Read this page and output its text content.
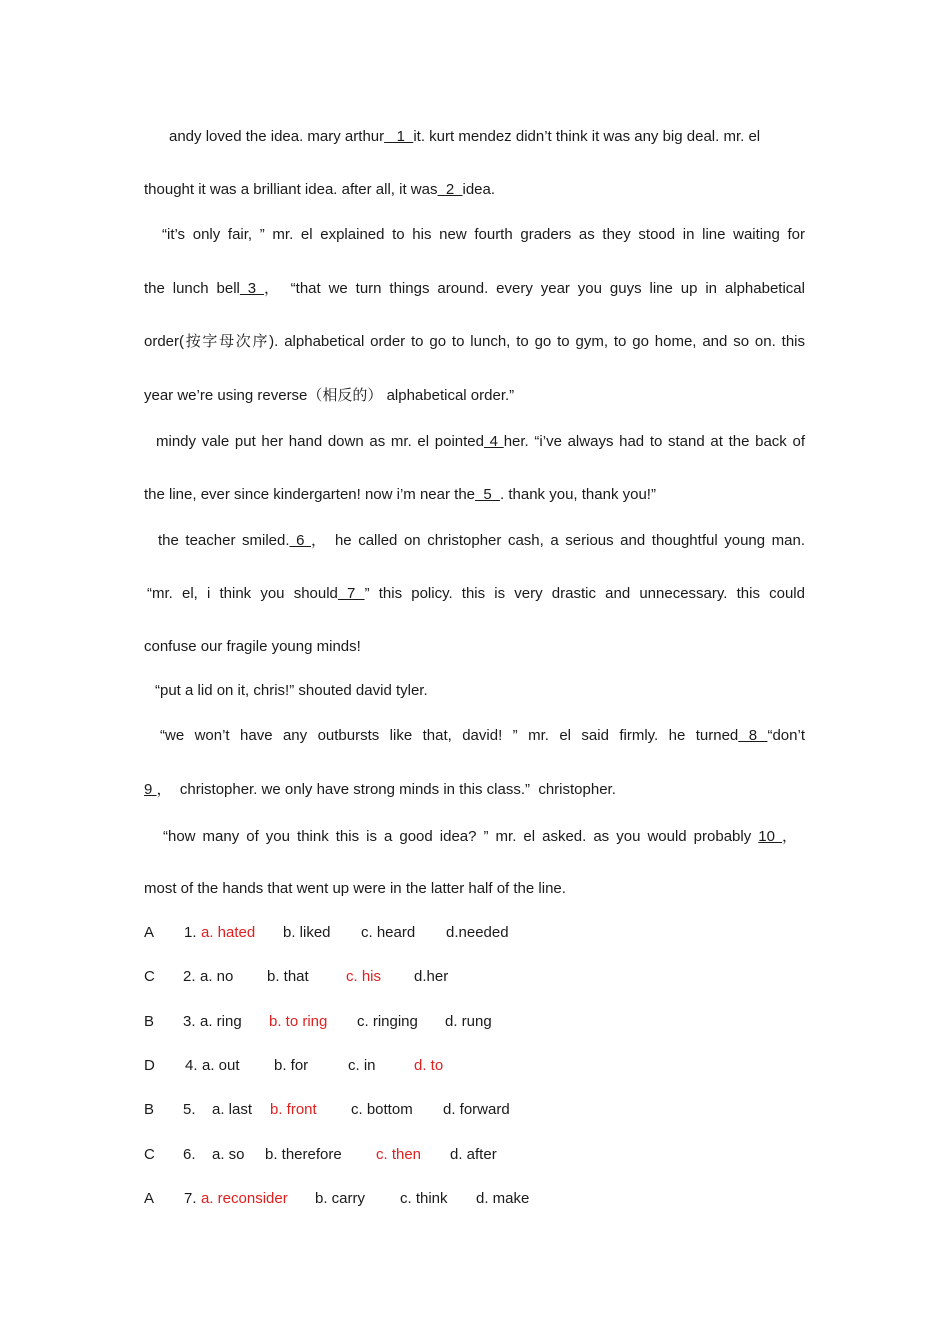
andy loved the idea. mary arthur   1  it. kurt mendez didn’t think it was any big deal. mr. el
thought it was a brilliant idea. after all, it was  2  idea.
“it’s only fair, ” mr. el explained to his new fourth graders as they stood in line waiting for
the lunch bell 3 ， “that we turn things around. every year you guys line up in alphabetical
order(按字母次序). alphabetical order to go to lunch, to go to gym, to go home, and so on. this
year we’re using reverse（相反的） alphabetical order.”
mindy vale put her hand down as mr. el pointed 4 her. “i’ve always had to stand at the back of
the line, ever since kindergarten! now i’m near the  5  . thank you, thank you!”
the teacher smiled. 6 ， he called on christopher cash, a serious and thoughtful young man.
“mr. el, i think you should 7 ” this policy. this is very drastic and unnecessary. this could
confuse our fragile young minds!
“put a lid on it, chris!” shouted david tyler.
“we won’t have any outbursts like that, david! ” mr. el said firmly. he turned 8 “don’t
9 ，  christopher. we only have strong minds in this class.”  christopher.
“how many of you think this is a good idea? ” mr. el asked. as you would probably 10 ，
most of the hands that went up were in the latter half of the line.
A 1. a. hated b. liked c. heard d.needed
C 2. a. no b. that c. his d.her
B 3. a. ring b. to ring c. ringing d. rung
D 4. a. out b. for	c. in	d. to
B 5. a. last b. front c. bottom d. forward
C 6. a. so b. therefore c. then d. after
A 7. a. reconsider b. carry c. think d. make
